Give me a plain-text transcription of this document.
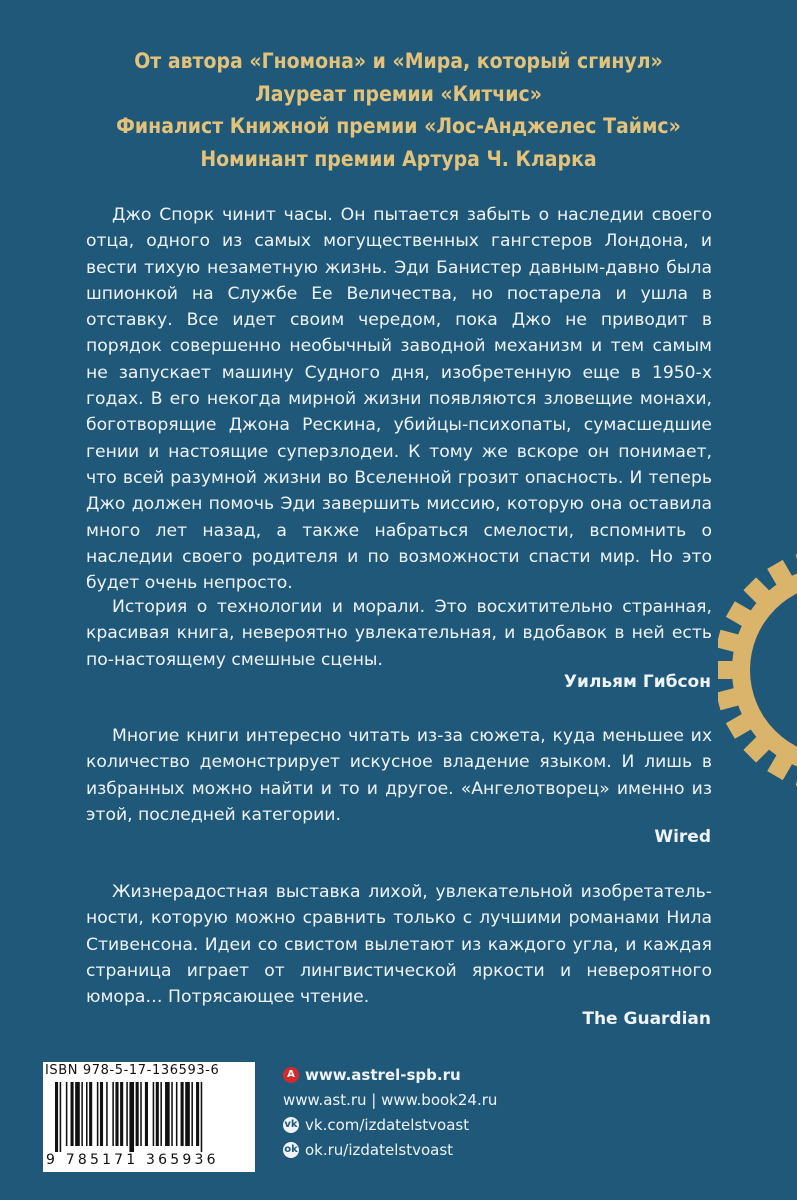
От автора «Гномона» и «Мира, который сгинул»
Лауреат премии «Китчис»
Финалист Книжной премии «Лос-Анджелес Таймс»
Номинант премии Артура Ч. Кларка

Джо Спорк чинит часы. Он пытается забыть о наследии своего отца, одного из самых могущественных гангстеров Лондона, и вести тихую незаметную жизнь. Эди Банистер давным-давно была шпионкой на Службе Ее Величества, но постарела и ушла в отставку. Все идет своим чередом, пока Джо не приводит в порядок совершенно необычный заводной механизм и тем самым не запускает машину Судного дня, изобретенную еще в 1950-х годах. В его некогда мирной жизни появляются зловещие монахи, боготворящие Джона Рескина, убийцы-психопаты, сумасшедшие гении и настоящие суперзлодеи. К тому же вскоре он понимает, что всей разумной жизни во Вселенной грозит опасность. И теперь Джо должен помочь Эди завершить миссию, которую она оставила много лет назад, а также набраться смелости, вспомнить о наследии своего родителя и по возможности спасти мир. Но это будет очень непросто.

История о технологии и морали. Это восхитительно странная, красивая книга, невероятно увлекательная, и вдобавок в ней есть по-настоящему смешные сцены.

Уильям Гибсон

Многие книги интересно читать из-за сюжета, куда меньшее их количество демонстрирует искусное владение языком. И лишь в избранных можно найти и то и другое. «Ангелотворец» именно из этой, последней категории.

Wired

Жизнерадостная выставка лихой, увлекательной изобретательности, которую можно сравнить только с лучшими романами Нила Стивенсона. Идеи со свистом вылетают из каждого угла, и каждая страница играет от лингвистической яркости и невероятного юмора… Потрясающее чтение.

The Guardian
ISBN 978-5-17-136593-6
9 785171 365936
A www.astrel-spb.ru
www.ast.ru | www.book24.ru
vk vk.com/izdatelstvoast
ok ok.ru/izdatelstvoast
